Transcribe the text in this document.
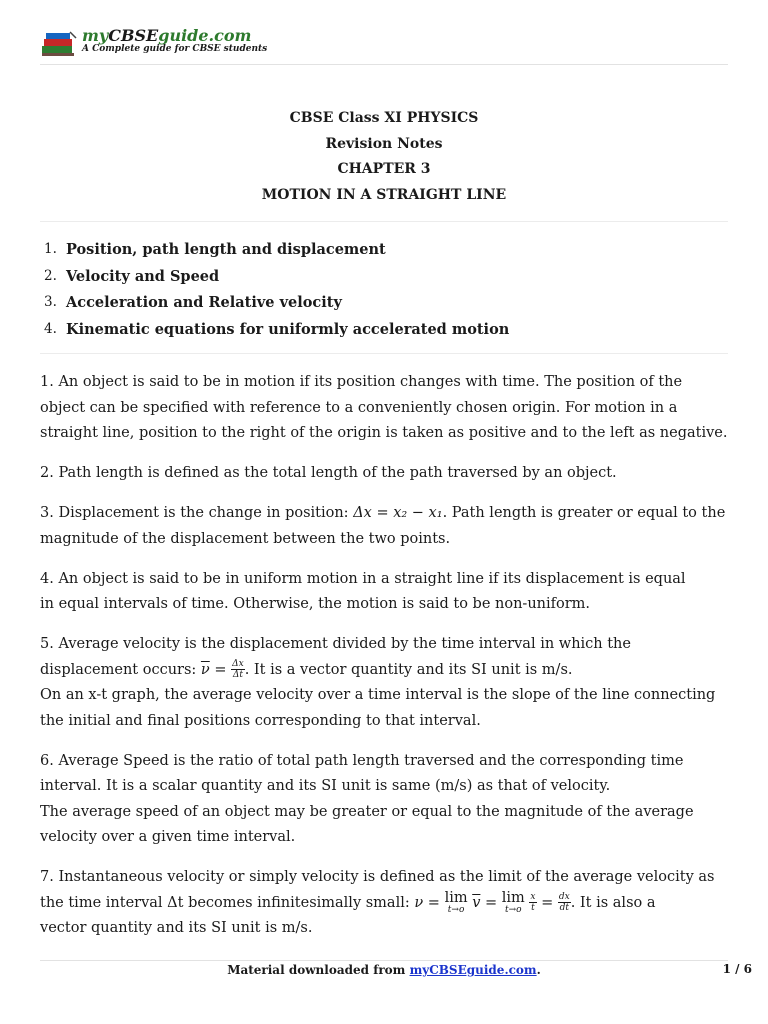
myCBSEguide.com
A Complete guide for CBSE students
CBSE Class XI PHYSICS
Revision Notes
CHAPTER 3
MOTION IN A STRAIGHT LINE
1. Position, path length and displacement
2. Velocity and Speed
3. Acceleration and Relative velocity
4. Kinematic equations for uniformly accelerated motion

1. An object is said to be in motion if its position changes with time. The position of the object can be specified with reference to a conveniently chosen origin. For motion in a straight line, position to the right of the origin is taken as positive and to the left as negative.

2. Path length is defined as the total length of the path traversed by an object.

3. Displacement is the change in position: Δx = x₂ − x₁. Path length is greater or equal to the magnitude of the displacement between the two points.

4. An object is said to be in uniform motion in a straight line if its displacement is equal
in equal intervals of time. Otherwise, the motion is said to be non-uniform.

5. Average velocity is the displacement divided by the time interval in which the
displacement occurs: $\overline{\nu} = \frac{\Delta x}{\Delta t}$ . It is a vector quantity and its SI unit is m/s.
On an x-t graph, the average velocity over a time interval is the slope of the line connecting the initial and final positions corresponding to that interval.

6. Average Speed is the ratio of total path length traversed and the corresponding time interval. It is a scalar quantity and its SI unit is same (m/s) as that of velocity.
The average speed of an object may be greater or equal to the magnitude of the average velocity over a given time interval.

7. Instantaneous velocity or simply velocity is defined as the limit of the average velocity as
the time interval Δt becomes infinitesimally small: ν = lim
t→o $\overline{v} = \lim$
t→o
$\frac{x}{t} = \frac{dx}{dt}$ . It is also a
vector quantity and its SI unit is m/s.

Material downloaded from myCBSEguide.com.	1 / 6
